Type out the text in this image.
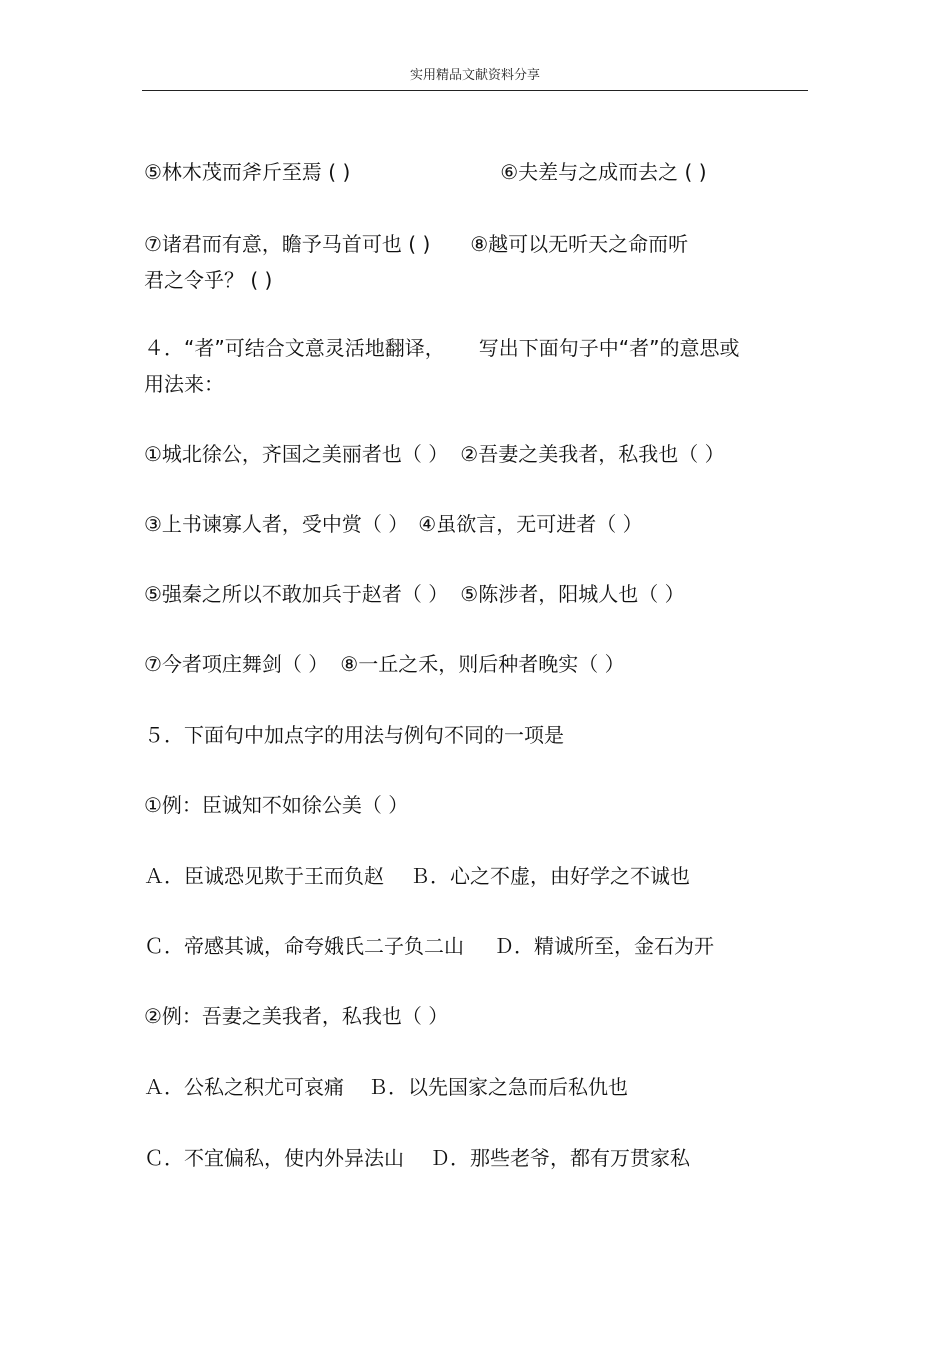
实用精品文献资料分享
⑤林木茂而斧斤至焉 ( )	⑥夫差与之成而去之 ( )
⑦诸君而有意，瞻予马首可也 ( ) ⑧越可以无听天之命而听
君之令乎？ ( )
４．“者”可结合文意灵活地翻译， 写出下面句子中“者”的意思或
用法来：
①城北徐公，齐国之美丽者也（ ） ②吾妻之美我者，私我也（ ）
③上书谏寡人者，受中赏（ ） ④虽欲言，无可进者（ ）
⑤强秦之所以不敢加兵于赵者（ ） ⑤陈涉者，阳城人也（ ）
⑦今者项庄舞剑（ ） ⑧一丘之禾，则后种者晚实（ ）
５．下面句中加点字的用法与例句不同的一项是
①例：臣诚知不如徐公美（ ）
Ａ．臣诚恐见欺于王而负赵 Ｂ．心之不虚，由好学之不诚也
Ｃ．帝感其诚，命夸娥氏二子负二山 Ｄ．精诚所至，金石为开
②例：吾妻之美我者，私我也（ ）
Ａ．公私之积尤可哀痛 Ｂ．以先国家之急而后私仇也
Ｃ．不宜偏私，使内外异法山 Ｄ．那些老爷，都有万贯家私
